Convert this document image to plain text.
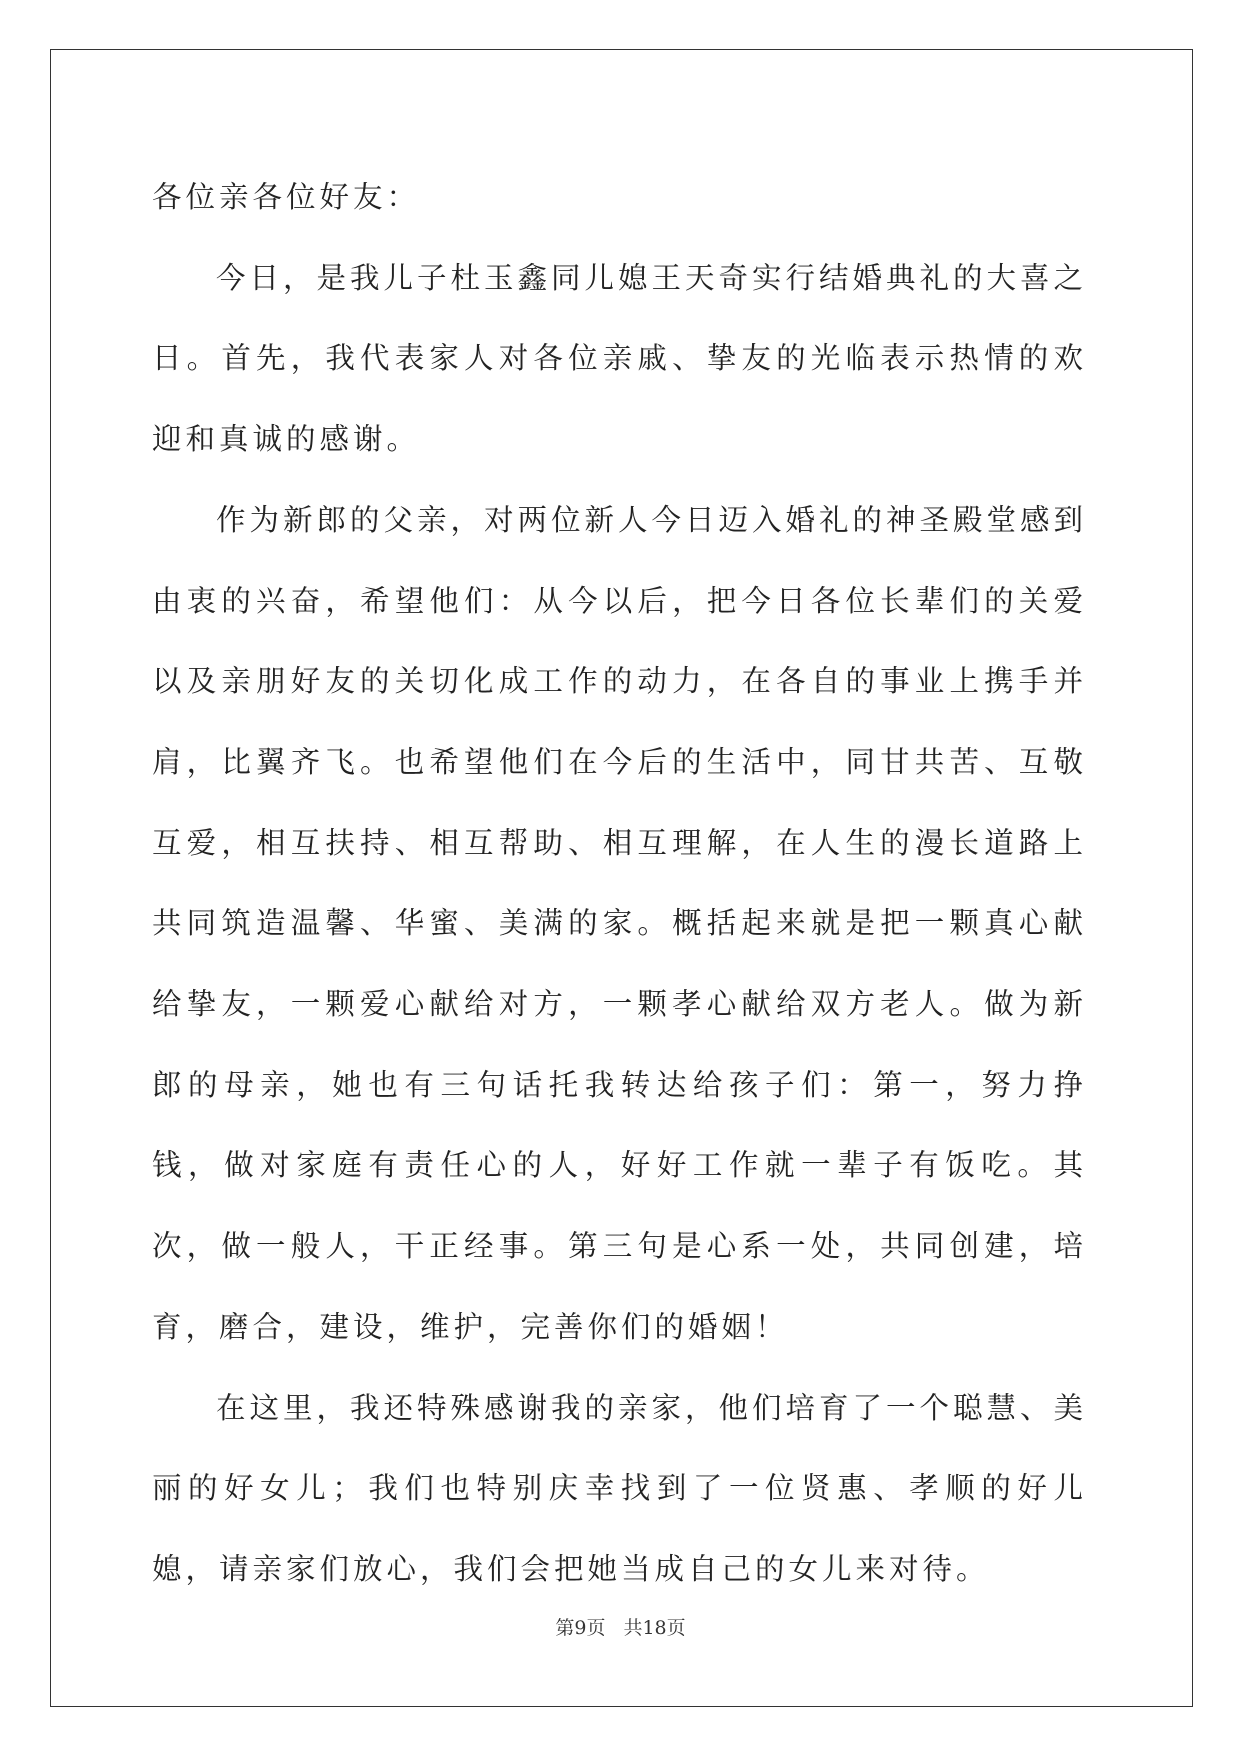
各位亲各位好友：

今日，是我儿子杜玉鑫同儿媳王天奇实行结婚典礼的大喜之日。首先，我代表家人对各位亲戚、挚友的光临表示热情的欢迎和真诚的感谢。

作为新郎的父亲，对两位新人今日迈入婚礼的神圣殿堂感到由衷的兴奋，希望他们：从今以后，把今日各位长辈们的关爱以及亲朋好友的关切化成工作的动力，在各自的事业上携手并肩，比翼齐飞。也希望他们在今后的生活中，同甘共苦、互敬互爱，相互扶持、相互帮助、相互理解，在人生的漫长道路上共同筑造温馨、华蜜、美满的家。概括起来就是把一颗真心献给挚友，一颗爱心献给对方，一颗孝心献给双方老人。做为新郎的母亲，她也有三句话托我转达给孩子们：第一，努力挣钱，做对家庭有责任心的人，好好工作就一辈子有饭吃。其次，做一般人，干正经事。第三句是心系一处，共同创建，培育，磨合，建设，维护，完善你们的婚姻！

在这里，我还特殊感谢我的亲家，他们培育了一个聪慧、美丽的好女儿；我们也特别庆幸找到了一位贤惠、孝顺的好儿媳，请亲家们放心，我们会把她当成自己的女儿来对待。

第9页 共18页
